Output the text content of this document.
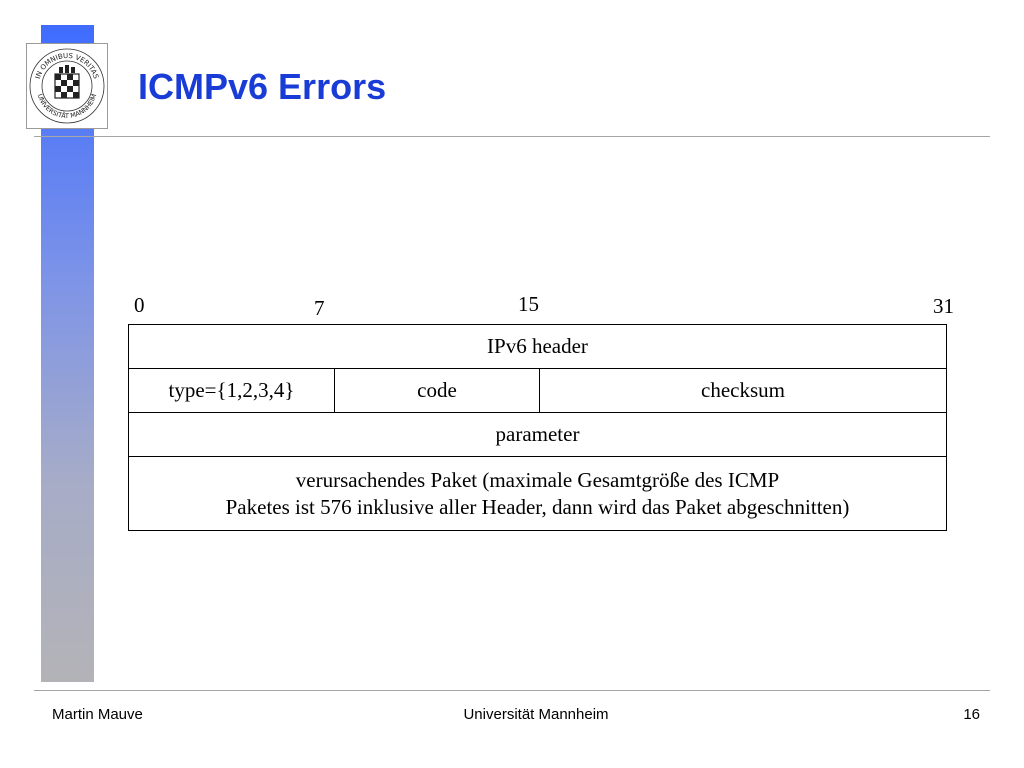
IN OMNIBUS VERITAS
UNIVERSITÄT MANNHEIM ICMPv6 Errors
0	7	15	31
IPv6 header
type={1,2,3,4}	code	checksum
parameter
verursachendes Paket (maximale Gesamtgröße des ICMP
Paketes ist 576 inklusive aller Header, dann wird das Paket abgeschnitten)
Martin Mauve	Universität Mannheim	16
